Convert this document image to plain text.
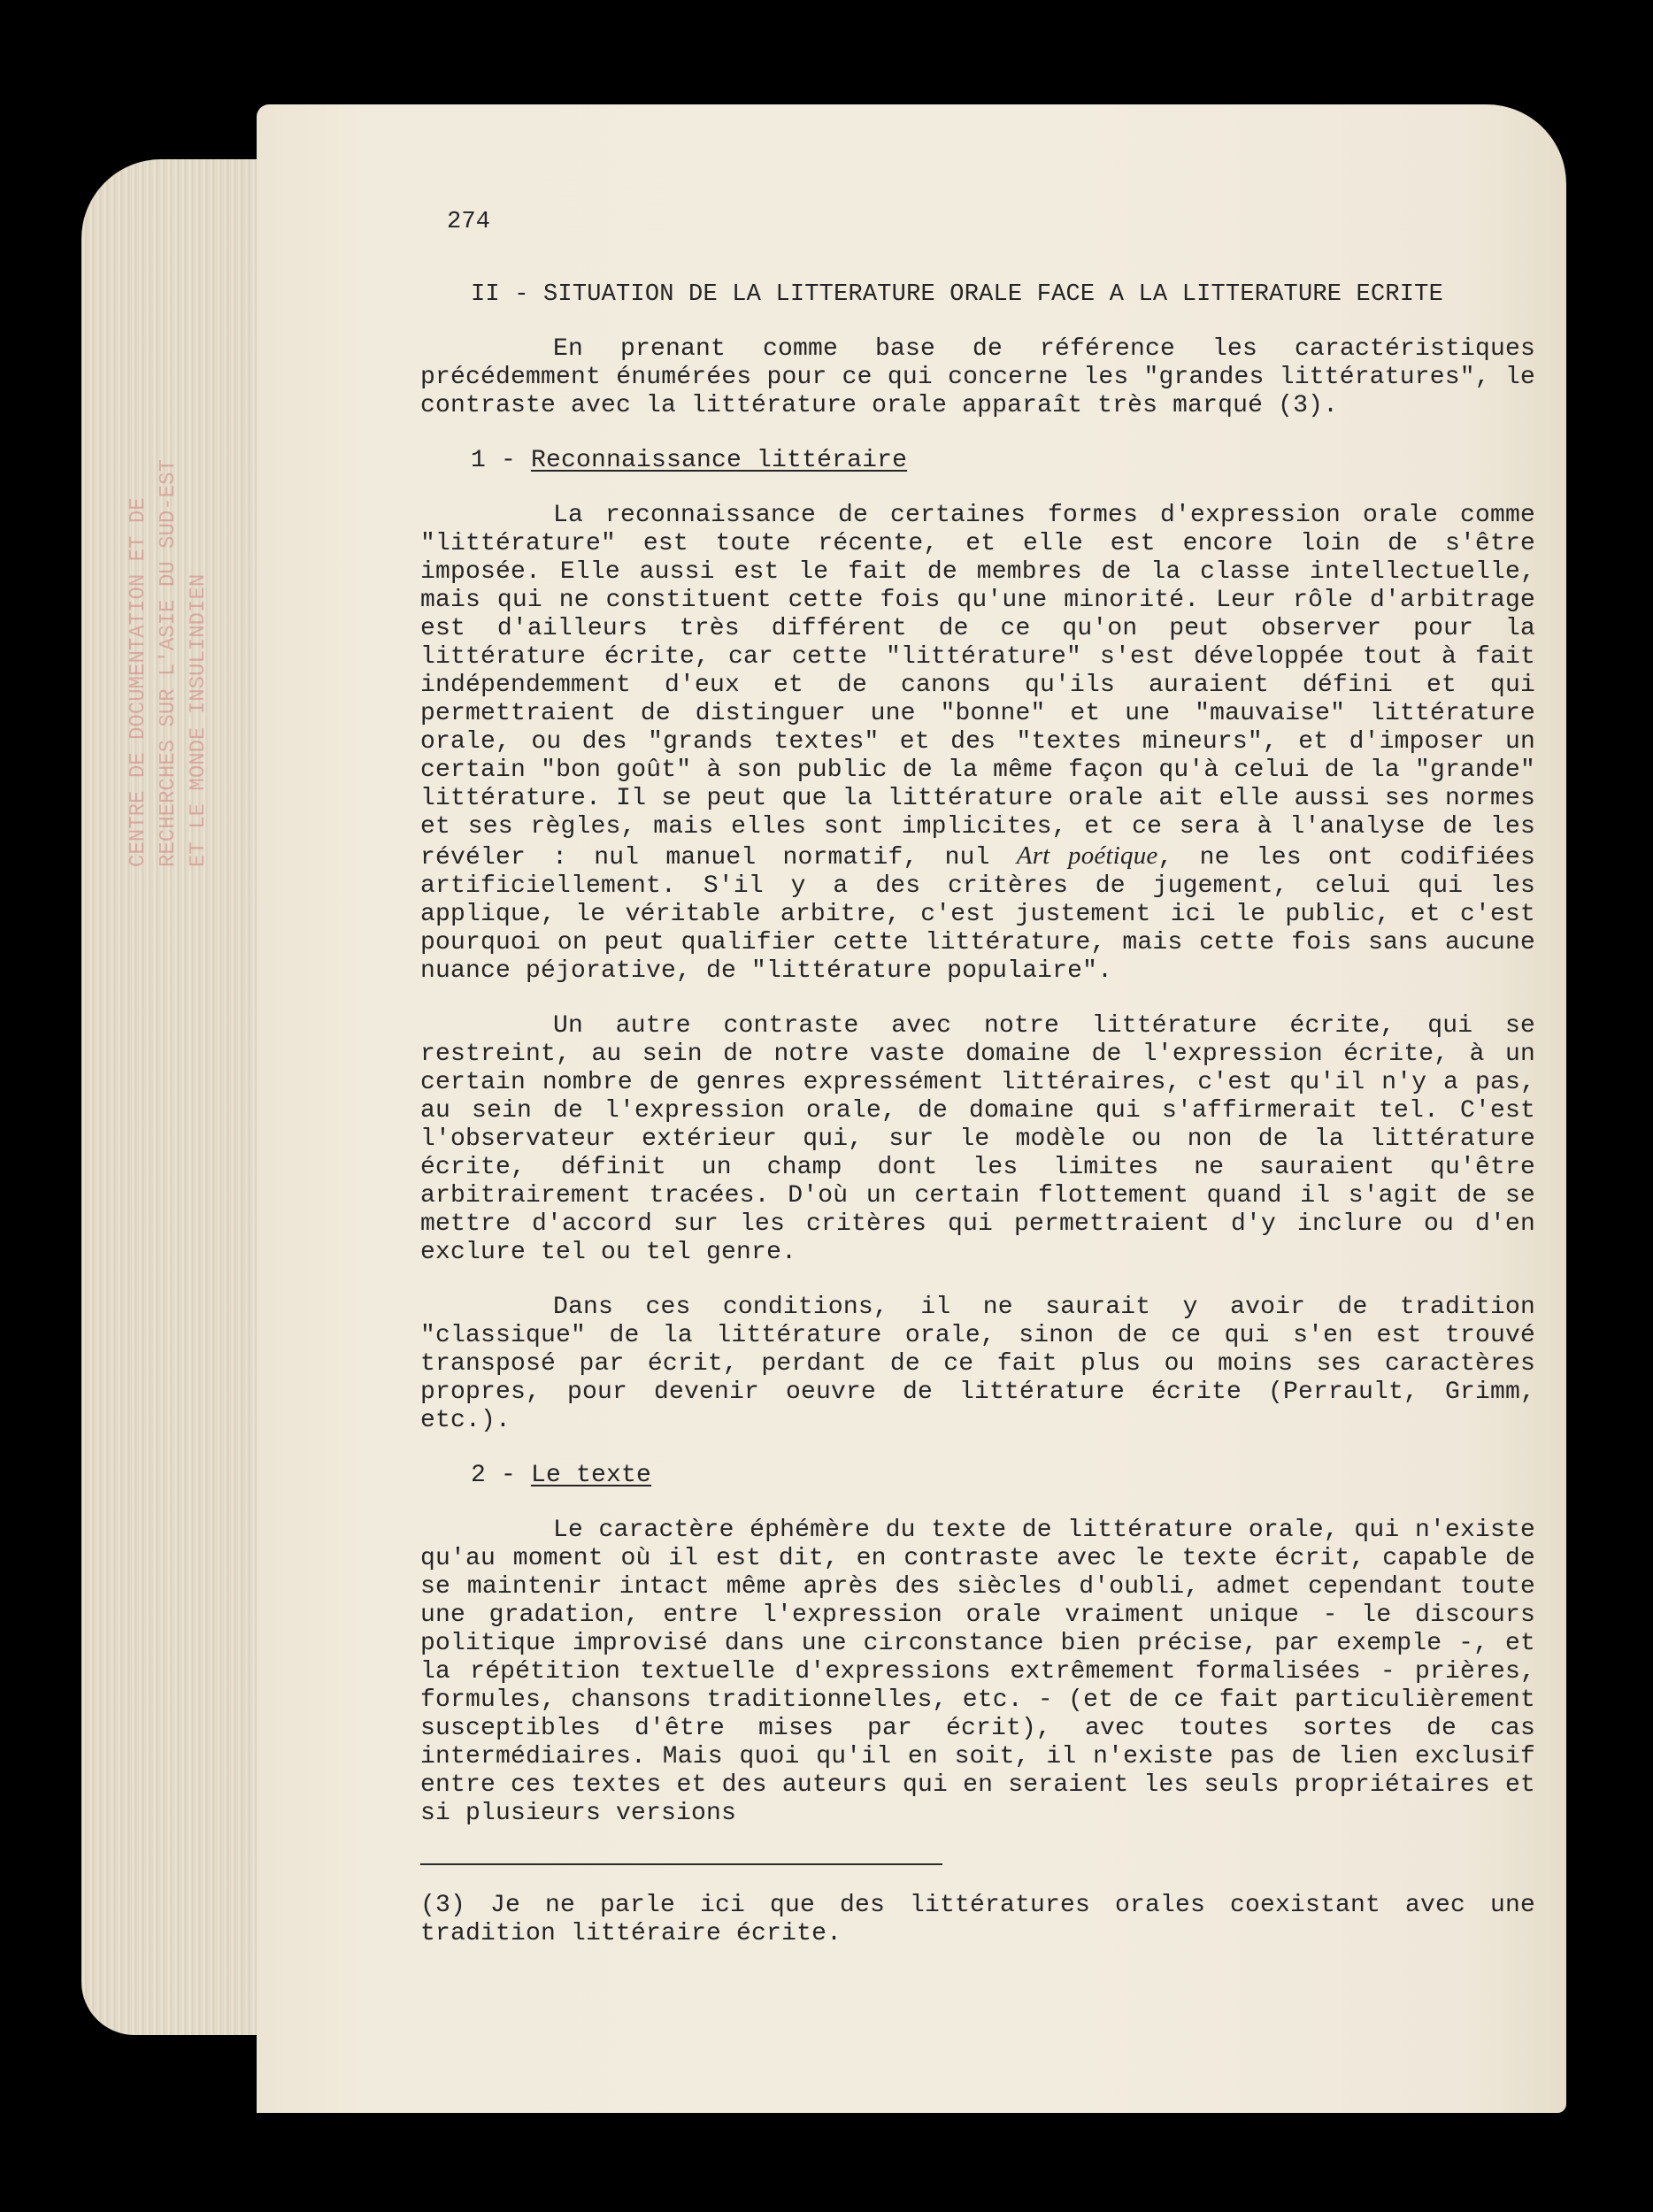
CENTRE DE DOCUMENTATION ET DE RECHERCHES SUR L'ASIE DU SUD-EST ET LE MONDE INSULINDIEN
274
II - SITUATION DE LA LITTERATURE ORALE FACE A LA LITTERATURE ECRITE

En prenant comme base de référence les caractéristiques précédemment énumérées pour ce qui concerne les "grandes littératures", le contraste avec la littérature orale apparaît très marqué (3).

1 - Reconnaissance littéraire

La reconnaissance de certaines formes d'expression orale comme "littérature" est toute récente, et elle est encore loin de s'être imposée. Elle aussi est le fait de membres de la classe intellectuelle, mais qui ne constituent cette fois qu'une minorité. Leur rôle d'arbitrage est d'ailleurs très différent de ce qu'on peut observer pour la littérature écrite, car cette "littérature" s'est développée tout à fait indépendemment d'eux et de canons qu'ils auraient défini et qui permettraient de distinguer une "bonne" et une "mauvaise" littérature orale, ou des "grands textes" et des "textes mineurs", et d'imposer un certain "bon goût" à son public de la même façon qu'à celui de la "grande" littérature. Il se peut que la littérature orale ait elle aussi ses normes et ses règles, mais elles sont implicites, et ce sera à l'analyse de les révéler : nul manuel normatif, nul Art poétique, ne les ont codifiées artificiellement. S'il y a des critères de jugement, celui qui les applique, le véritable arbitre, c'est justement ici le public, et c'est pourquoi on peut qualifier cette littérature, mais cette fois sans aucune nuance péjorative, de "littérature populaire".

Un autre contraste avec notre littérature écrite, qui se restreint, au sein de notre vaste domaine de l'expression écrite, à un certain nombre de genres expressément littéraires, c'est qu'il n'y a pas, au sein de l'expression orale, de domaine qui s'affirmerait tel. C'est l'observateur extérieur qui, sur le modèle ou non de la littérature écrite, définit un champ dont les limites ne sauraient qu'être arbitrairement tracées. D'où un certain flottement quand il s'agit de se mettre d'accord sur les critères qui permettraient d'y inclure ou d'en exclure tel ou tel genre.

Dans ces conditions, il ne saurait y avoir de tradition "classique" de la littérature orale, sinon de ce qui s'en est trouvé transposé par écrit, perdant de ce fait plus ou moins ses caractères propres, pour devenir oeuvre de littérature écrite (Perrault, Grimm, etc.).

2 - Le texte

Le caractère éphémère du texte de littérature orale, qui n'existe qu'au moment où il est dit, en contraste avec le texte écrit, capable de se maintenir intact même après des siècles d'oubli, admet cependant toute une gradation, entre l'expression orale vraiment unique - le discours politique improvisé dans une circonstance bien précise, par exemple -, et la répétition textuelle d'expressions extrêmement formalisées - prières, formules, chansons traditionnelles, etc. - (et de ce fait particulièrement susceptibles d'être mises par écrit), avec toutes sortes de cas intermédiaires. Mais quoi qu'il en soit, il n'existe pas de lien exclusif entre ces textes et des auteurs qui en seraient les seuls propriétaires et si plusieurs versions

(3) Je ne parle ici que des littératures orales coexistant avec une tradition littéraire écrite.
